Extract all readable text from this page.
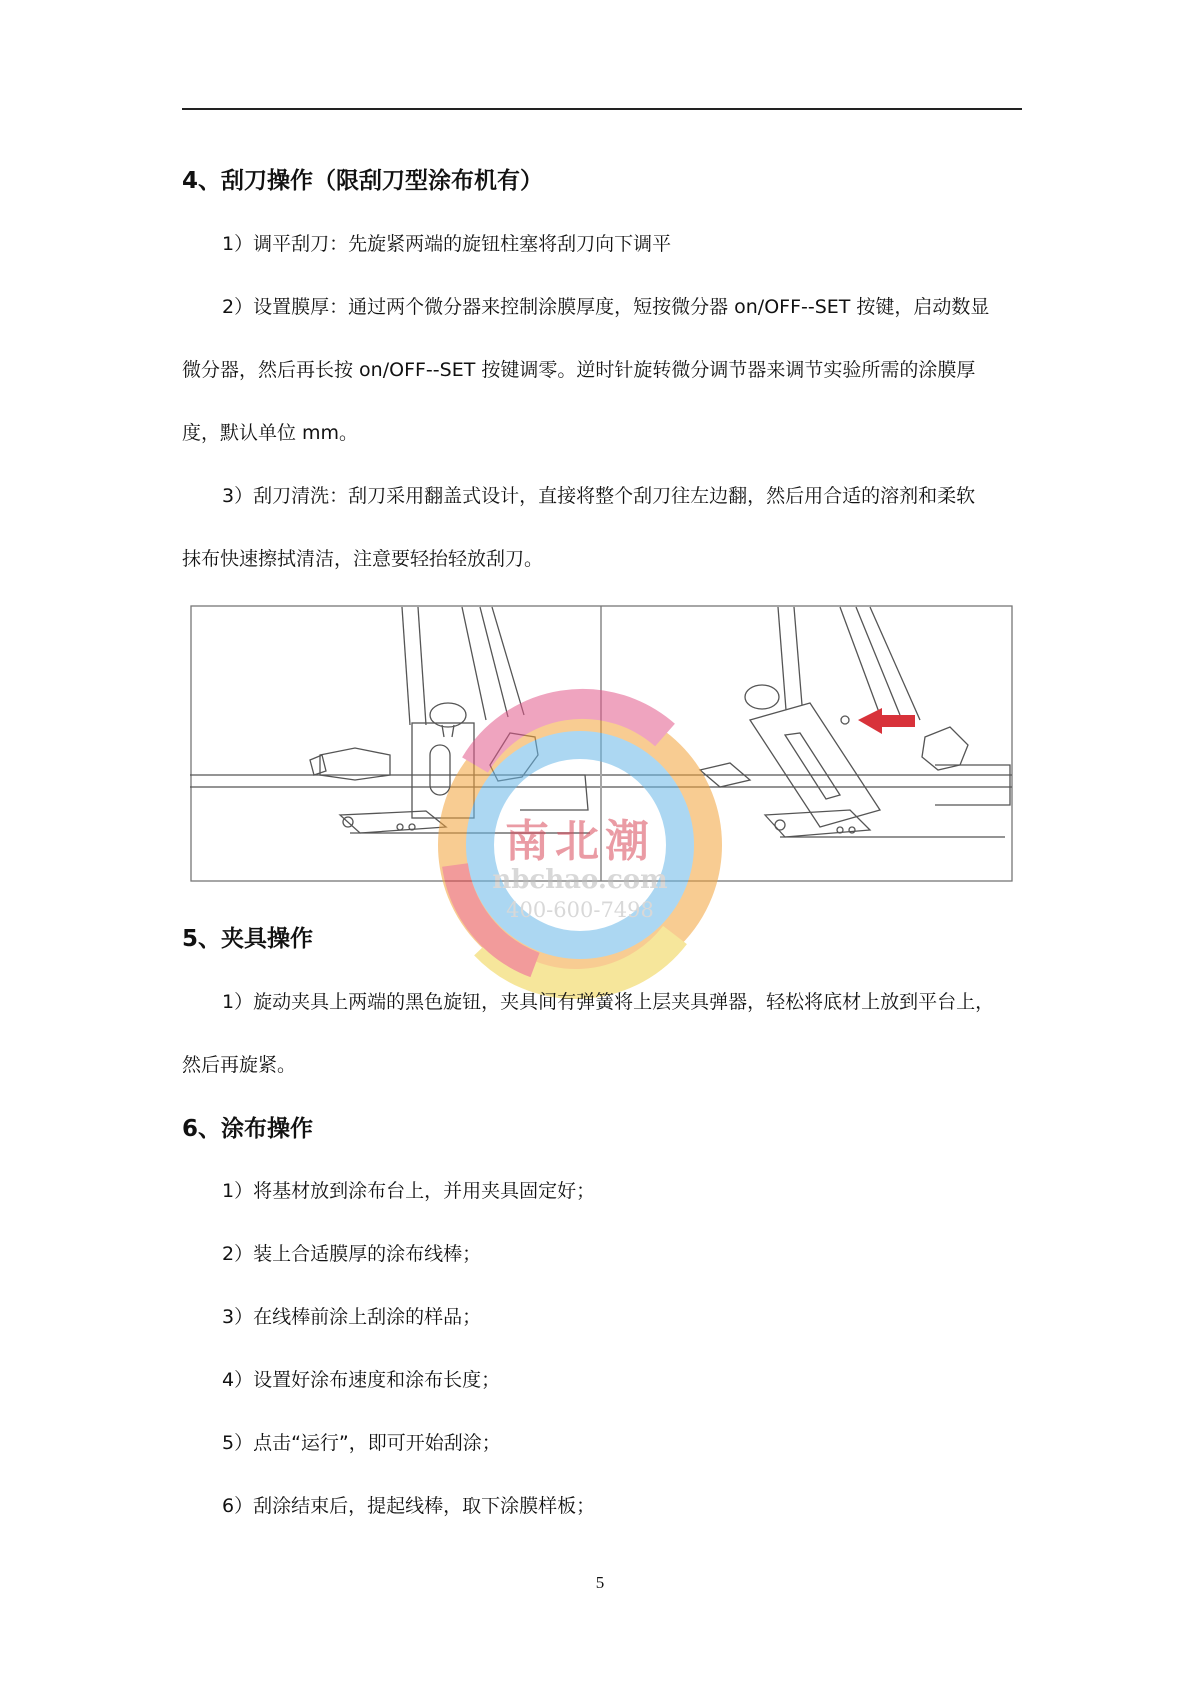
4、刮刀操作（限刮刀型涂布机有）

1）调平刮刀：先旋紧两端的旋钮柱塞将刮刀向下调平

2）设置膜厚：通过两个微分器来控制涂膜厚度，短按微分器 on/OFF--SET 按键，启动数显

微分器，然后再长按 on/OFF--SET 按键调零。逆时针旋转微分调节器来调节实验所需的涂膜厚

度，默认单位 mm。

3）刮刀清洗：刮刀采用翻盖式设计，直接将整个刮刀往左边翻，然后用合适的溶剂和柔软

抹布快速擦拭清洁，注意要轻抬轻放刮刀。

南北潮
nbchao.com
400-600-7498
5、夹具操作

1）旋动夹具上两端的黑色旋钮，夹具间有弹簧将上层夹具弹器，轻松将底材上放到平台上，

然后再旋紧。

6、涂布操作

1）将基材放到涂布台上，并用夹具固定好；

2）装上合适膜厚的涂布线棒；

3）在线棒前涂上刮涂的样品；

4）设置好涂布速度和涂布长度；

5）点击“运行”，即可开始刮涂；

6）刮涂结束后，提起线棒，取下涂膜样板；

5
